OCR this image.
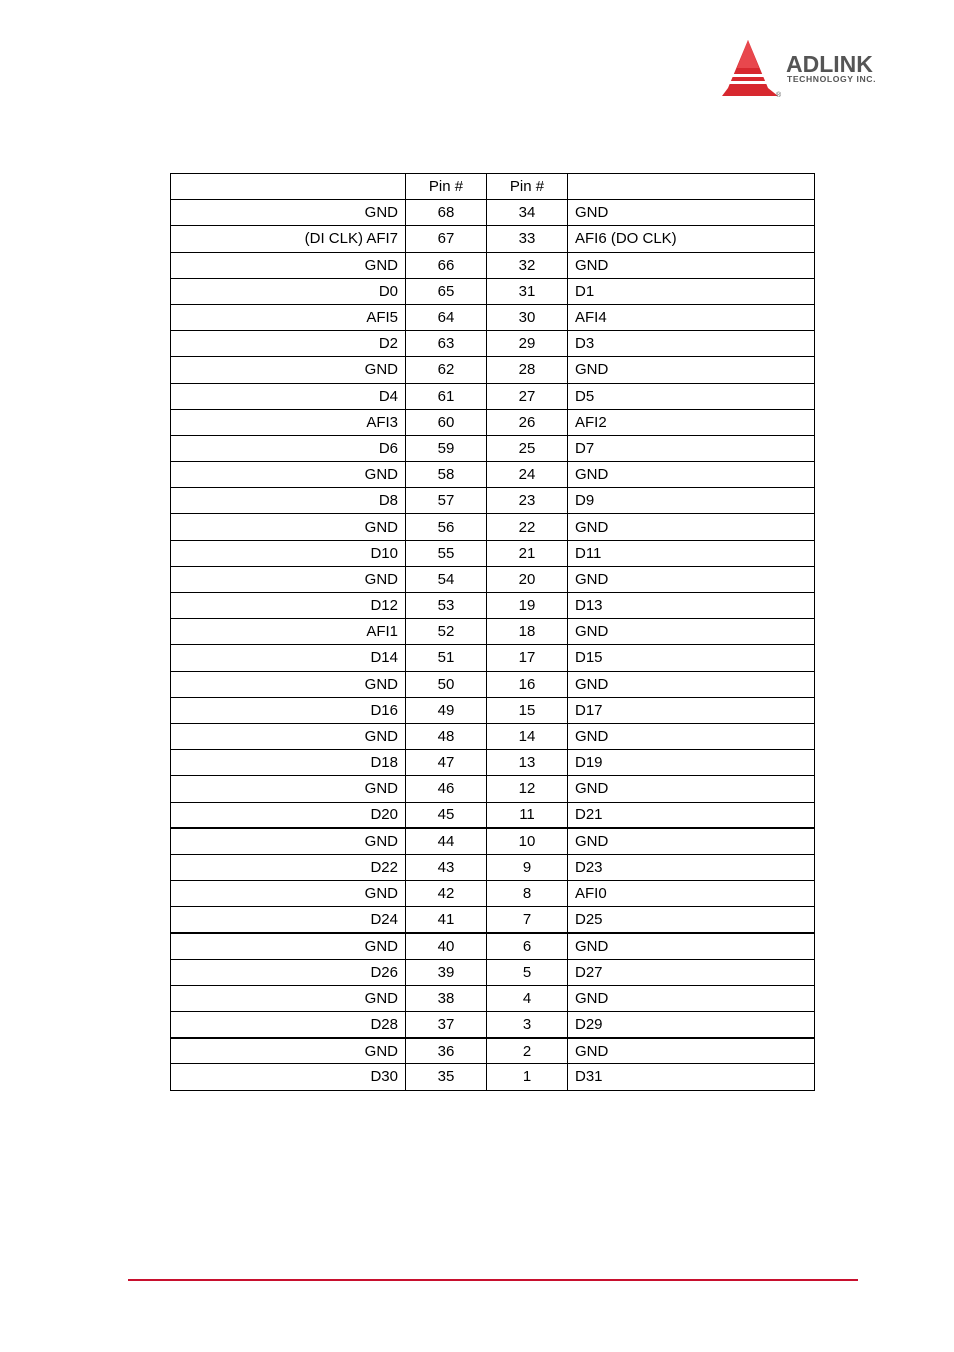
ADLINK
TECHNOLOGY INC.
®
	Pin #	Pin #	
GND	68	34	GND
(DI CLK) AFI7	67	33	AFI6 (DO CLK)
GND	66	32	GND
D0	65	31	D1
AFI5	64	30	AFI4
D2	63	29	D3
GND	62	28	GND
D4	61	27	D5
AFI3	60	26	AFI2
D6	59	25	D7
GND	58	24	GND
D8	57	23	D9
GND	56	22	GND
D10	55	21	D11
GND	54	20	GND
D12	53	19	D13
AFI1	52	18	GND
D14	51	17	D15
GND	50	16	GND
D16	49	15	D17
GND	48	14	GND
D18	47	13	D19
GND	46	12	GND
D20	45	11	D21
GND	44	10	GND
D22	43	9	D23
GND	42	8	AFI0
D24	41	7	D25
GND	40	6	GND
D26	39	5	D27
GND	38	4	GND
D28	37	3	D29
GND	36	2	GND
D30	35	1	D31
